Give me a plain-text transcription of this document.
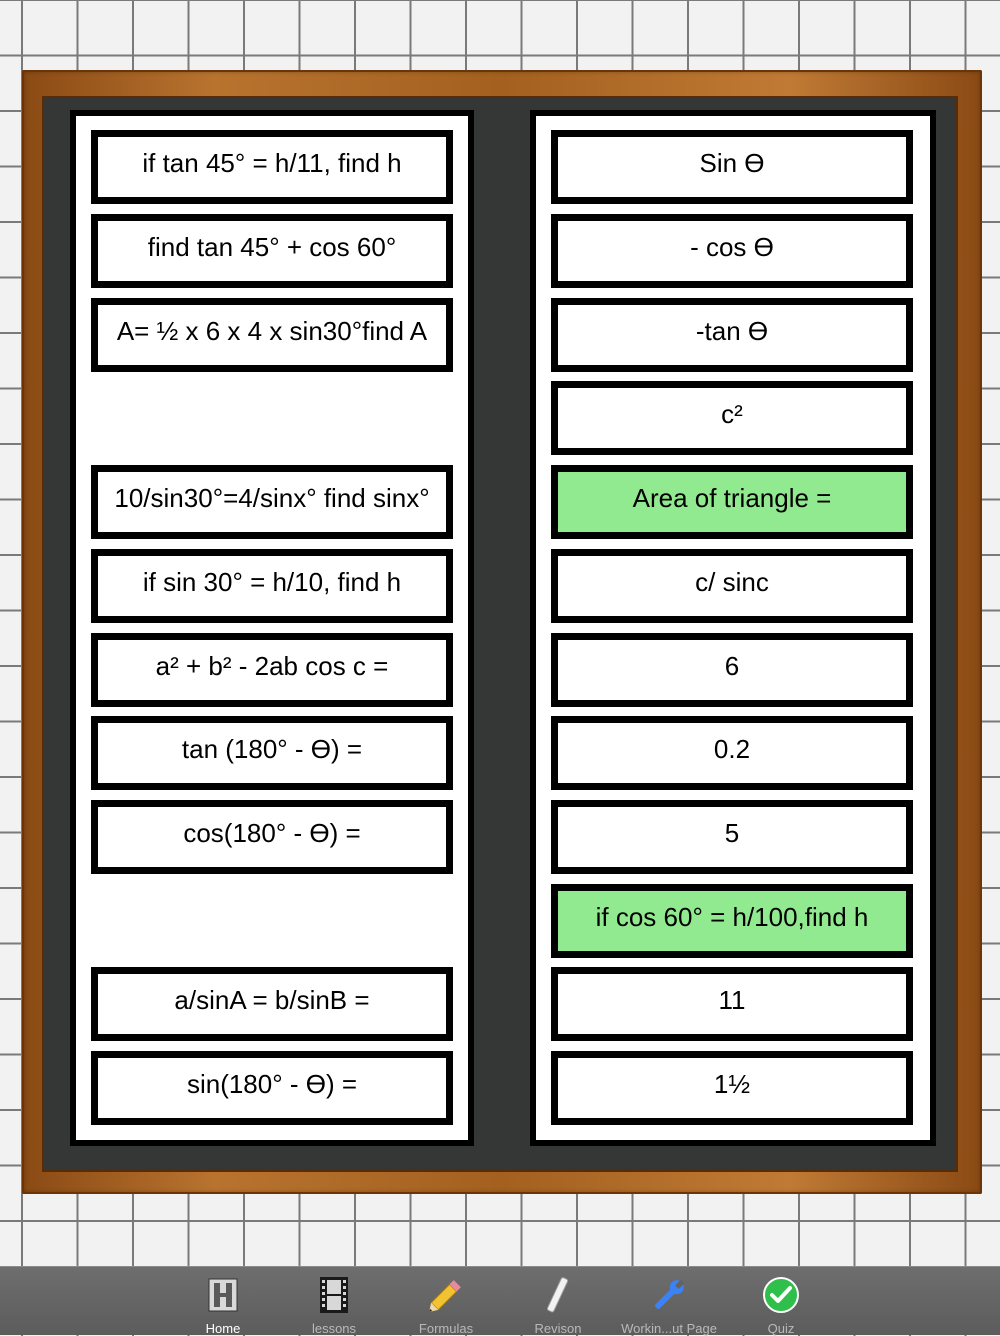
if tan 45° = h/11, find h
find tan 45° + cos 60°
A= ½ x 6 x 4 x sin30°find A
10/sin30°=4/sinx° find sinx°
if sin 30° = h/10, find h
a² + b² - 2ab cos c =
tan (180° - Ө) =
cos(180° - Ө) =
a/sinA = b/sinB =
sin(180° - Ө) =
Sin Ө
- cos Ө
-tan Ө
c²
Area of triangle =
c/ sinc
6
0.2
5
if cos 60° = h/100,find h
11
1½
Home	lessons	Formulas	Revison	Workin...ut Page	Quiz
